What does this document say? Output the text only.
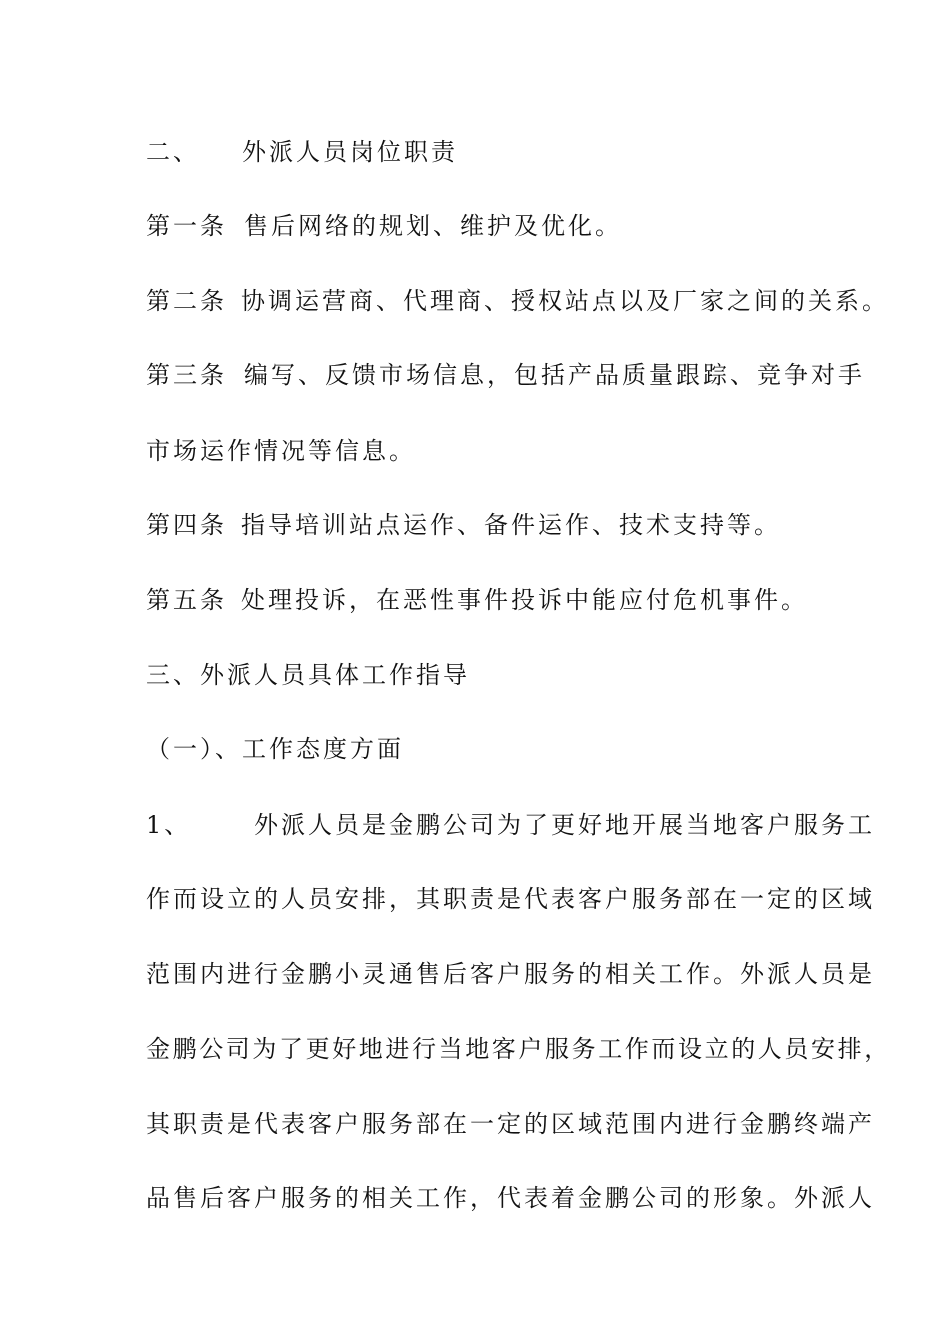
二、 外派人员岗位职责
第一条 售后网络的规划、维护及优化。
第二条 协调运营商、代理商、授权站点以及厂家之间的关系。
第三条 编写、反馈市场信息，包括产品质量跟踪、竞争对手
市场运作情况等信息。
第四条 指导培训站点运作、备件运作、技术支持等。
第五条 处理投诉，在恶性事件投诉中能应付危机事件。
三、外派人员具体工作指导
（一）、工作态度方面
1、	外派人员是金鹏公司为了更好地开展当地客户服务工
作而设立的人员安排，其职责是代表客户服务部在一定的区域
范围内进行金鹏小灵通售后客户服务的相关工作。外派人员是
金鹏公司为了更好地进行当地客户服务工作而设立的人员安排，
其职责是代表客户服务部在一定的区域范围内进行金鹏终端产
品售后客户服务的相关工作，代表着金鹏公司的形象。外派人
